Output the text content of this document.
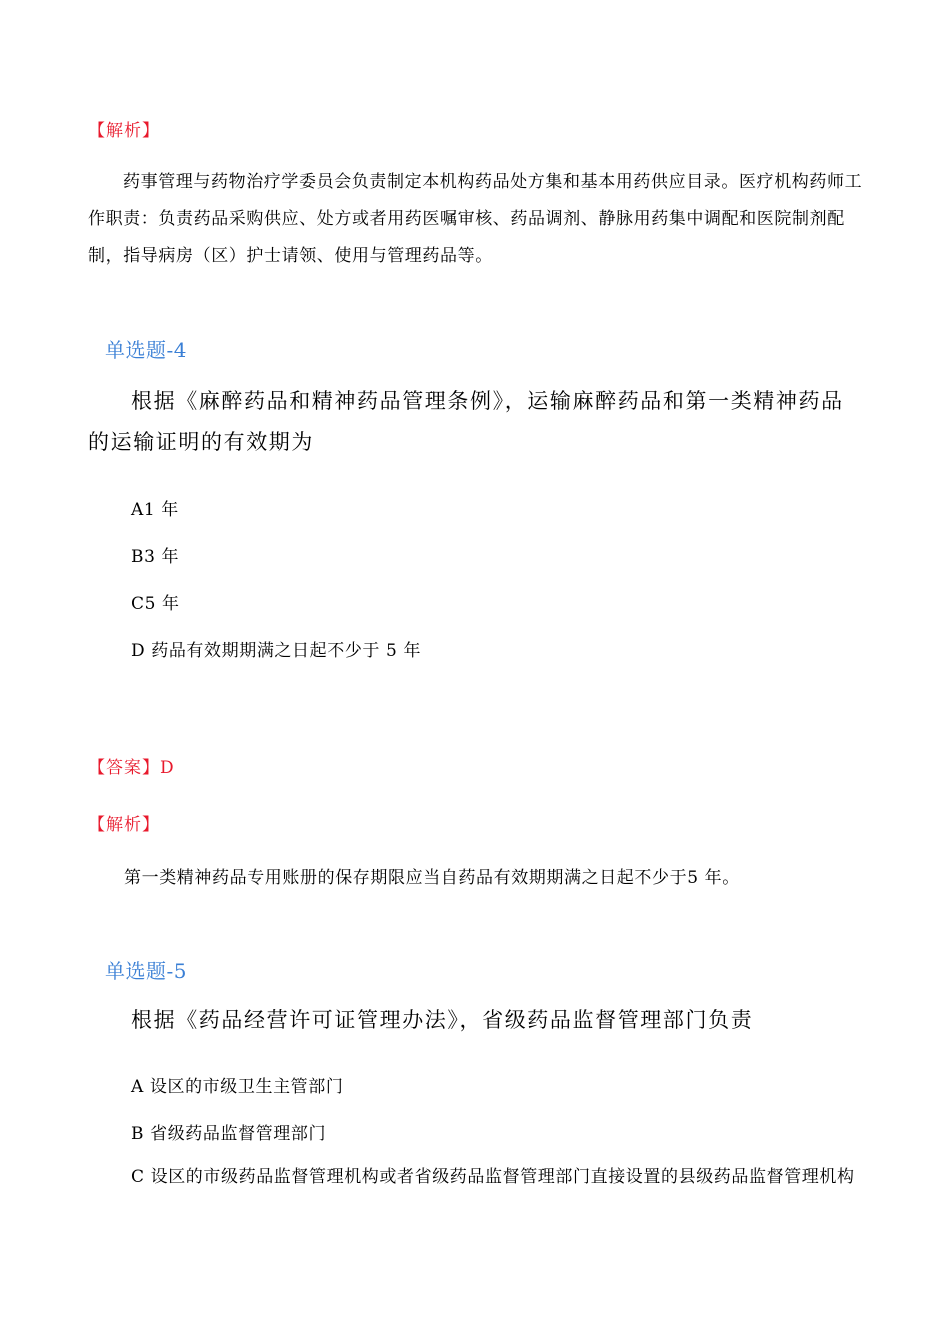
【解析】
药事管理与药物治疗学委员会负责制定本机构药品处方集和基本用药供应目录。医疗机构药师工作职责：负责药品采购供应、处方或者用药医嘱审核、药品调剂、静脉用药集中调配和医院制剂配制，指导病房（区）护士请领、使用与管理药品等。
单选题-4
根据《麻醉药品和精神药品管理条例》，运输麻醉药品和第一类精神药品的运输证明的有效期为
A1 年
B3 年
C5 年
D 药品有效期期满之日起不少于 5 年
【答案】D
【解析】
第一类精神药品专用账册的保存期限应当自药品有效期期满之日起不少于5 年。
单选题-5
根据《药品经营许可证管理办法》，省级药品监督管理部门负责
A 设区的市级卫生主管部门
B 省级药品监督管理部门
C 设区的市级药品监督管理机构或者省级药品监督管理部门直接设置的县级药品监督管理机构
